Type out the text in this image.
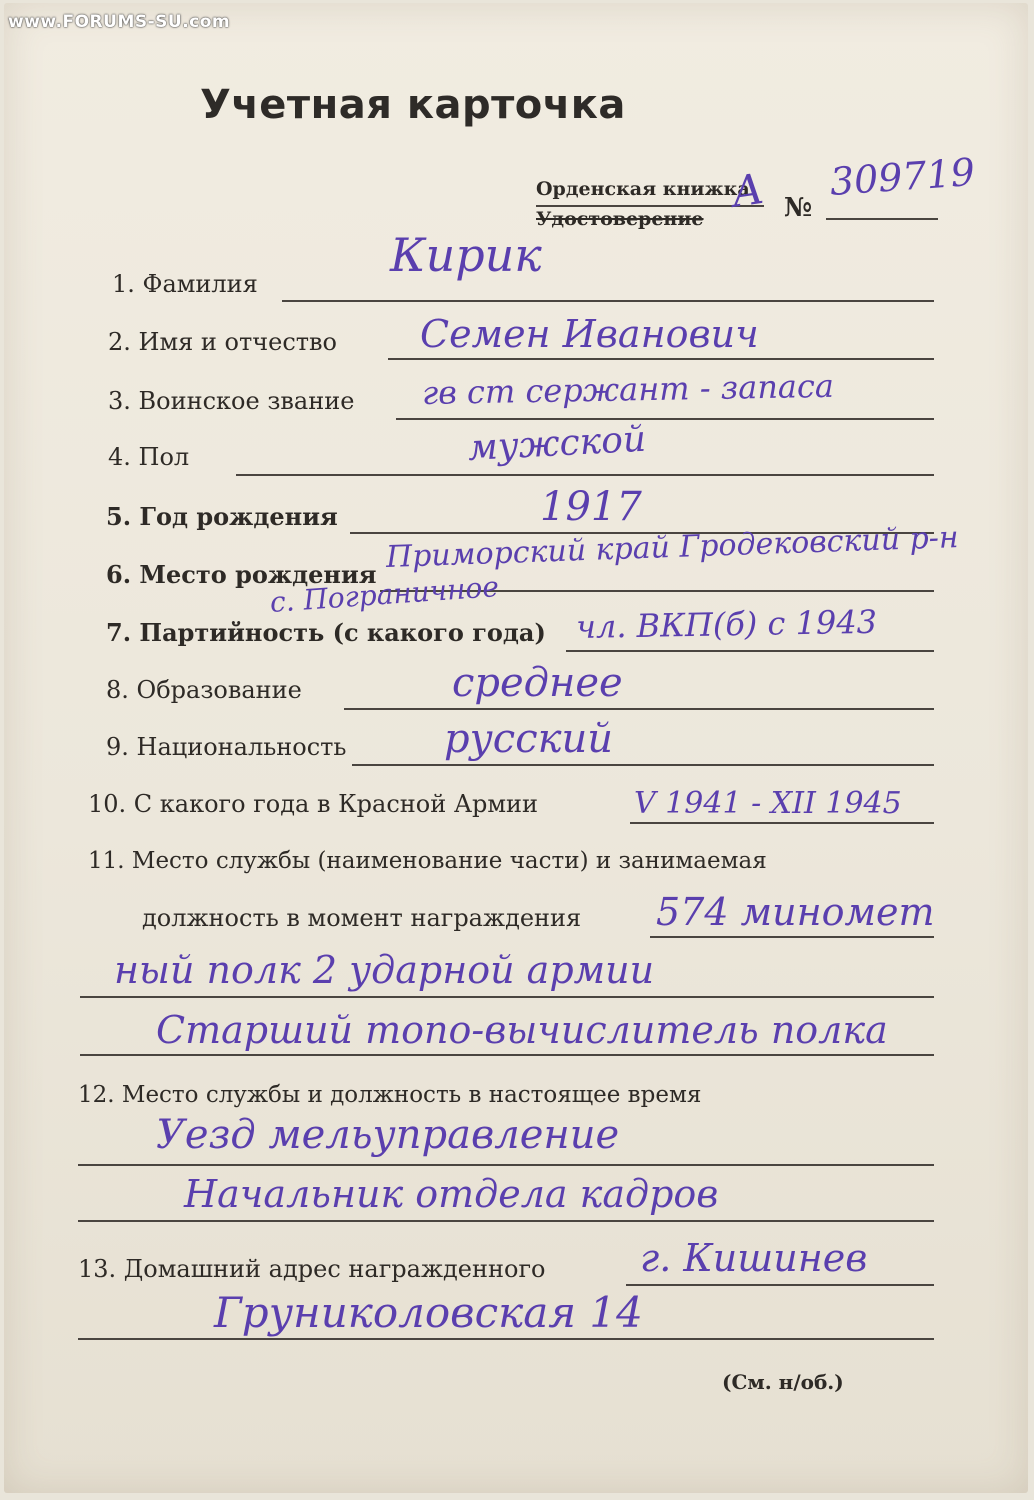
www.FORUMS-SU.com
Учетная карточка
Орденская книжка
Удостоверение
А №
309719
1. Фамилия
Кирик
2. Имя и отчество Семен Иванович
3. Воинское звание гв ст сержант - запаса
4. Пол	мужской
5. Год рождения	1917
6. Место рождения Приморский край Гродековский р-н
с. Пограничное
7. Партийность (с какого года) чл. ВКП(б) с 1943
8. Образование	среднее
9. Национальность русский
10. С какого года в Красной Армии	V 1941 - XII 1945
11. Место службы (наименование части) и занимаемая
должность в момент награждения 574 миномет
ный полк 2 ударной армии
Старший топо-вычислитель полка
12. Место службы и должность в настоящее время
Уезд мельуправление
Начальник отдела кадров
13. Домашний адрес награжденного г. Кишинев
Груниколовская 14
(См. н/об.)
